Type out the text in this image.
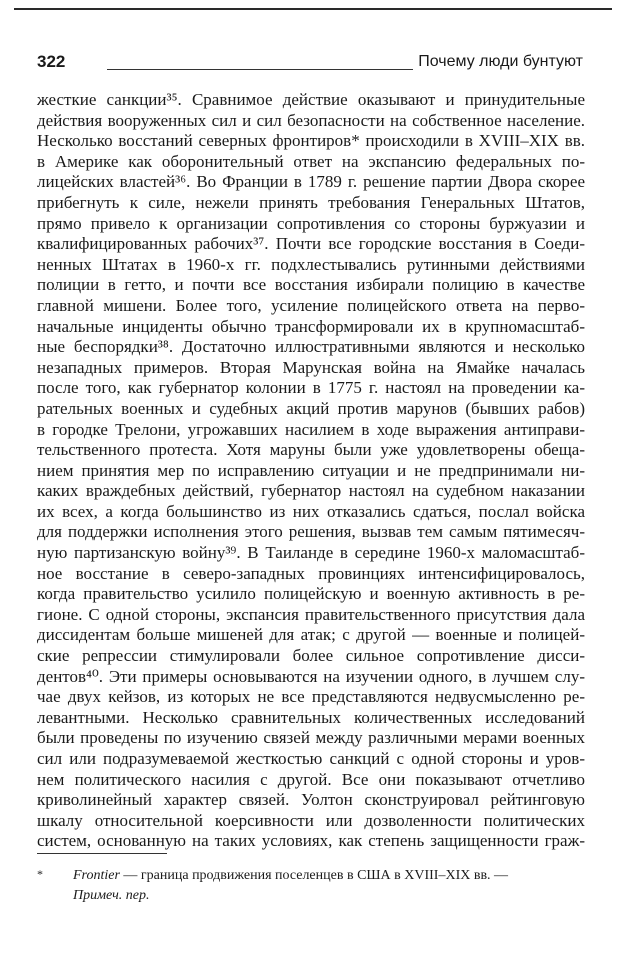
322	Почему люди бунтуют
жесткие санкции³⁵. Сравнимое действие оказывают и принудительные
действия вооруженных сил и сил безопасности на собственное население.
Несколько восстаний северных фронтиров* происходили в XVIII–XIX вв.
в Америке как оборонительный ответ на экспансию федеральных по-
лицейских властей³⁶. Во Франции в 1789 г. решение партии Двора скорее
прибегнуть к силе, нежели принять требования Генеральных Штатов,
прямо привело к организации сопротивления со стороны буржуазии и
квалифицированных рабочих³⁷. Почти все городские восстания в Соеди-
ненных Штатах в 1960-х гг. подхлестывались рутинными действиями
полиции в гетто, и почти все восстания избирали полицию в качестве
главной мишени. Более того, усиление полицейского ответа на перво-
начальные инциденты обычно трансформировали их в крупномасштаб-
ные беспорядки³⁸. Достаточно иллюстративными являются и несколько
незападных примеров. Вторая Марунская война на Ямайке началась
после того, как губернатор колонии в 1775 г. настоял на проведении ка-
рательных военных и судебных акций против марунов (бывших рабов)
в городке Трелони, угрожавших насилием в ходе выражения антиправи-
тельственного протеста. Хотя маруны были уже удовлетворены обеща-
нием принятия мер по исправлению ситуации и не предпринимали ни-
каких враждебных действий, губернатор настоял на судебном наказании
их всех, а когда большинство из них отказались сдаться, послал войска
для поддержки исполнения этого решения, вызвав тем самым пятимесяч-
ную партизанскую войну³⁹. В Таиланде в середине 1960-х маломасштаб-
ное восстание в северо-западных провинциях интенсифицировалось,
когда правительство усилило полицейскую и военную активность в ре-
гионе. С одной стороны, экспансия правительственного присутствия дала
диссидентам больше мишеней для атак; с другой — военные и полицей-
ские репрессии стимулировали более сильное сопротивление дисси-
дентов⁴⁰. Эти примеры основываются на изучении одного, в лучшем слу-
чае двух кейзов, из которых не все представляются недвусмысленно ре-
левантными. Несколько сравнительных количественных исследований
были проведены по изучению связей между различными мерами военных
сил или подразумеваемой жесткостью санкций с одной стороны и уров-
нем политического насилия с другой. Все они показывают отчетливо
криволинейный характер связей. Уолтон сконструировал рейтинговую
шкалу относительной коерсивности или дозволенности политических
систем, основанную на таких условиях, как степень защищенности граж-
*	Frontier — граница продвижения поселенцев в США в XVIII–XIX вв. —
Примеч. пер.
